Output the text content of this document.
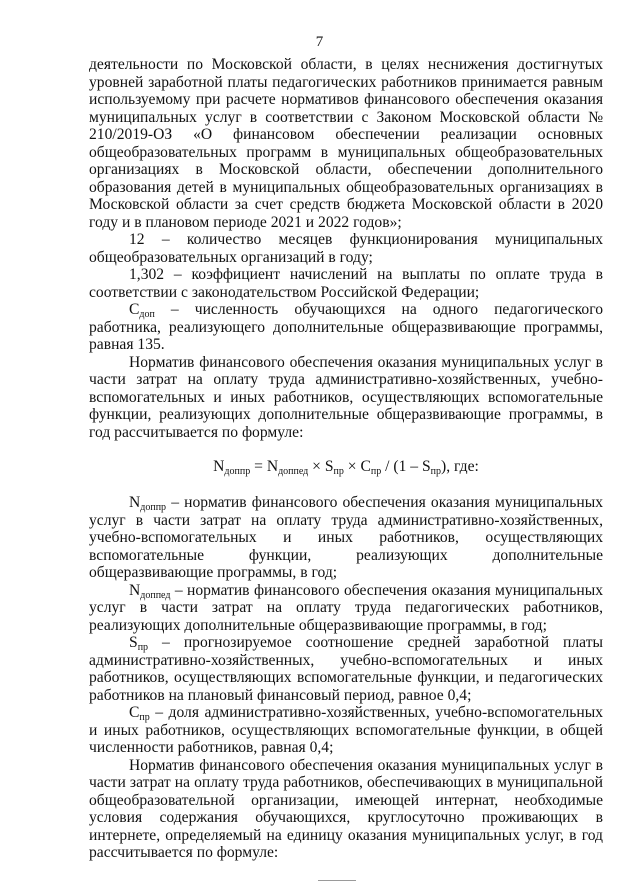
7

деятельности по Московской области, в целях неснижения достигнутых уровней заработной платы педагогических работников принимается равным используемому при расчете нормативов финансового обеспечения оказания муниципальных услуг в соответствии с Законом Московской области № 210/2019-ОЗ «О финансовом обеспечении реализации основных общеобразовательных программ в муниципальных общеобразовательных организациях в Московской области, обеспечении дополнительного образования детей в муниципальных общеобразовательных организациях в Московской области за счет средств бюджета Московской области в 2020 году и в плановом периоде 2021 и 2022 годов»;

12 – количество месяцев функционирования муниципальных общеобразовательных организаций в году;

1,302 – коэффициент начислений на выплаты по оплате труда в соответствии с законодательством Российской Федерации;

$С_{доп}$ – численность обучающихся на одного педагогического работника, реализующего дополнительные общеразвивающие программы, равная 135.

Норматив финансового обеспечения оказания муниципальных услуг в части затрат на оплату труда административно-хозяйственных, учебно-вспомогательных и иных работников, осуществляющих вспомогательные функции, реализующих дополнительные общеразвивающие программы, в год рассчитывается по формуле:

$N_{доппр} = N_{доппед} \times S_{пр} \times C_{пр} / (1 - S_{пр})$, где:

$N_{доппр}$ – норматив финансового обеспечения оказания муниципальных услуг в части затрат на оплату труда административно-хозяйственных, учебно-вспомогательных и иных работников, осуществляющих вспомогательные функции, реализующих дополнительные общеразвивающие программы, в год;

$N_{доппед}$ – норматив финансового обеспечения оказания муниципальных услуг в части затрат на оплату труда педагогических работников, реализующих дополнительные общеразвивающие программы, в год;

$S_{пр}$ – прогнозируемое соотношение средней заработной платы административно-хозяйственных, учебно-вспомогательных и иных работников, осуществляющих вспомогательные функции, и педагогических работников на плановый финансовый период, равное 0,4;

$С_{пр}$ – доля административно-хозяйственных, учебно-вспомогательных и иных работников, осуществляющих вспомогательные функции, в общей численности работников, равная 0,4;

Норматив финансового обеспечения оказания муниципальных услуг в части затрат на оплату труда работников, обеспечивающих в муниципальной общеобразовательной организации, имеющей интернат, необходимые условия содержания обучающихся, круглосуточно проживающих в интернете, определяемый на единицу оказания муниципальных услуг, в год рассчитывается по формуле:
